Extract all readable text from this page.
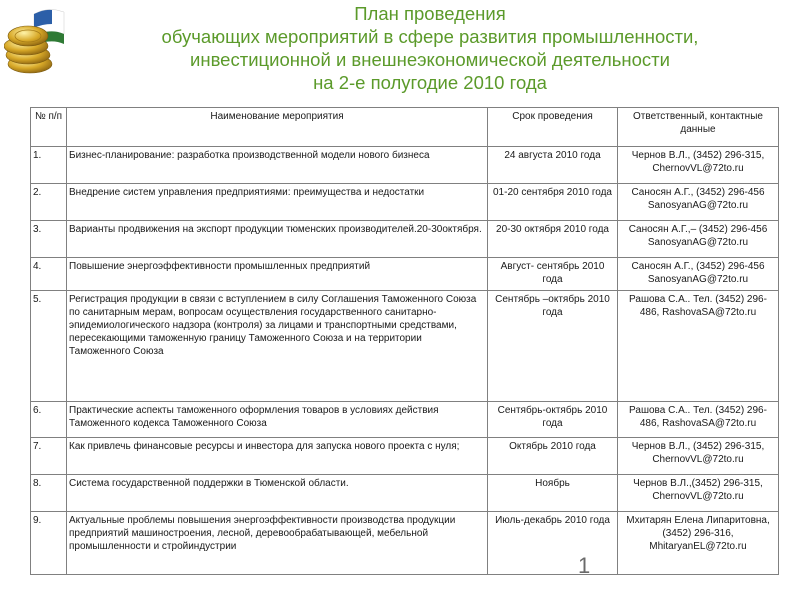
План проведения
обучающих мероприятий в сфере развития промышленности,
инвестиционной и внешнеэкономической деятельности
на 2-е полугодие 2010 года
№ п/п	Наименование мероприятия	Срок проведения	Ответственный, контактные данные
1.	Бизнес-планирование: разработка производственной модели нового бизнеса	24 августа 2010 года	Чернов В.Л., (3452) 296-315, ChernovVL@72to.ru
2.	Внедрение систем управления предприятиями: преимущества и недостатки	01-20 сентября 2010 года	Саносян А.Г., (3452) 296-456 SanosyanAG@72to.ru
3.	Варианты продвижения на экспорт продукции тюменских производителей.20-30октября.	20-30 октября 2010 года	Саносян А.Г.,– (3452) 296-456 SanosyanAG@72to.ru
4.	Повышение энергоэффективности промышленных предприятий	Август- сентябрь 2010 года	Саносян А.Г., (3452) 296-456 SanosyanAG@72to.ru
5.	Регистрация продукции в связи с вступлением в силу Соглашения Таможенного Союза по санитарным мерам, вопросам осуществления государственного санитарно-эпидемиологического надзора (контроля) за лицами и транспортными средствами, пересекающими таможенную границу Таможенного Союза и на территории Таможенного Союза	Сентябрь –октябрь 2010 года	Рашова С.А.. Тел. (3452) 296-486, RashovaSA@72to.ru
6.	Практические аспекты таможенного оформления товаров в условиях действия Таможенного кодекса Таможенного Союза	Сентябрь-октябрь 2010 года	Рашова С.А.. Тел. (3452) 296-486, RashovaSA@72to.ru
7.	Как привлечь финансовые ресурсы и инвестора для запуска нового проекта с нуля;	Октябрь 2010 года	Чернов В.Л., (3452) 296-315, ChernovVL@72to.ru
8.	Система государственной поддержки в Тюменской области.	Ноябрь	Чернов В.Л.,(3452) 296-315, ChernovVL@72to.ru
9.	Актуальные проблемы повышения энергоэффективности производства продукции предприятий машиностроения, лесной, деревообрабатывающей, мебельной промышленности и стройиндустрии	Июль-декабрь 2010 года	Мхитарян Елена Липаритовна, (3452) 296-316, MhitaryanEL@72to.ru
1
